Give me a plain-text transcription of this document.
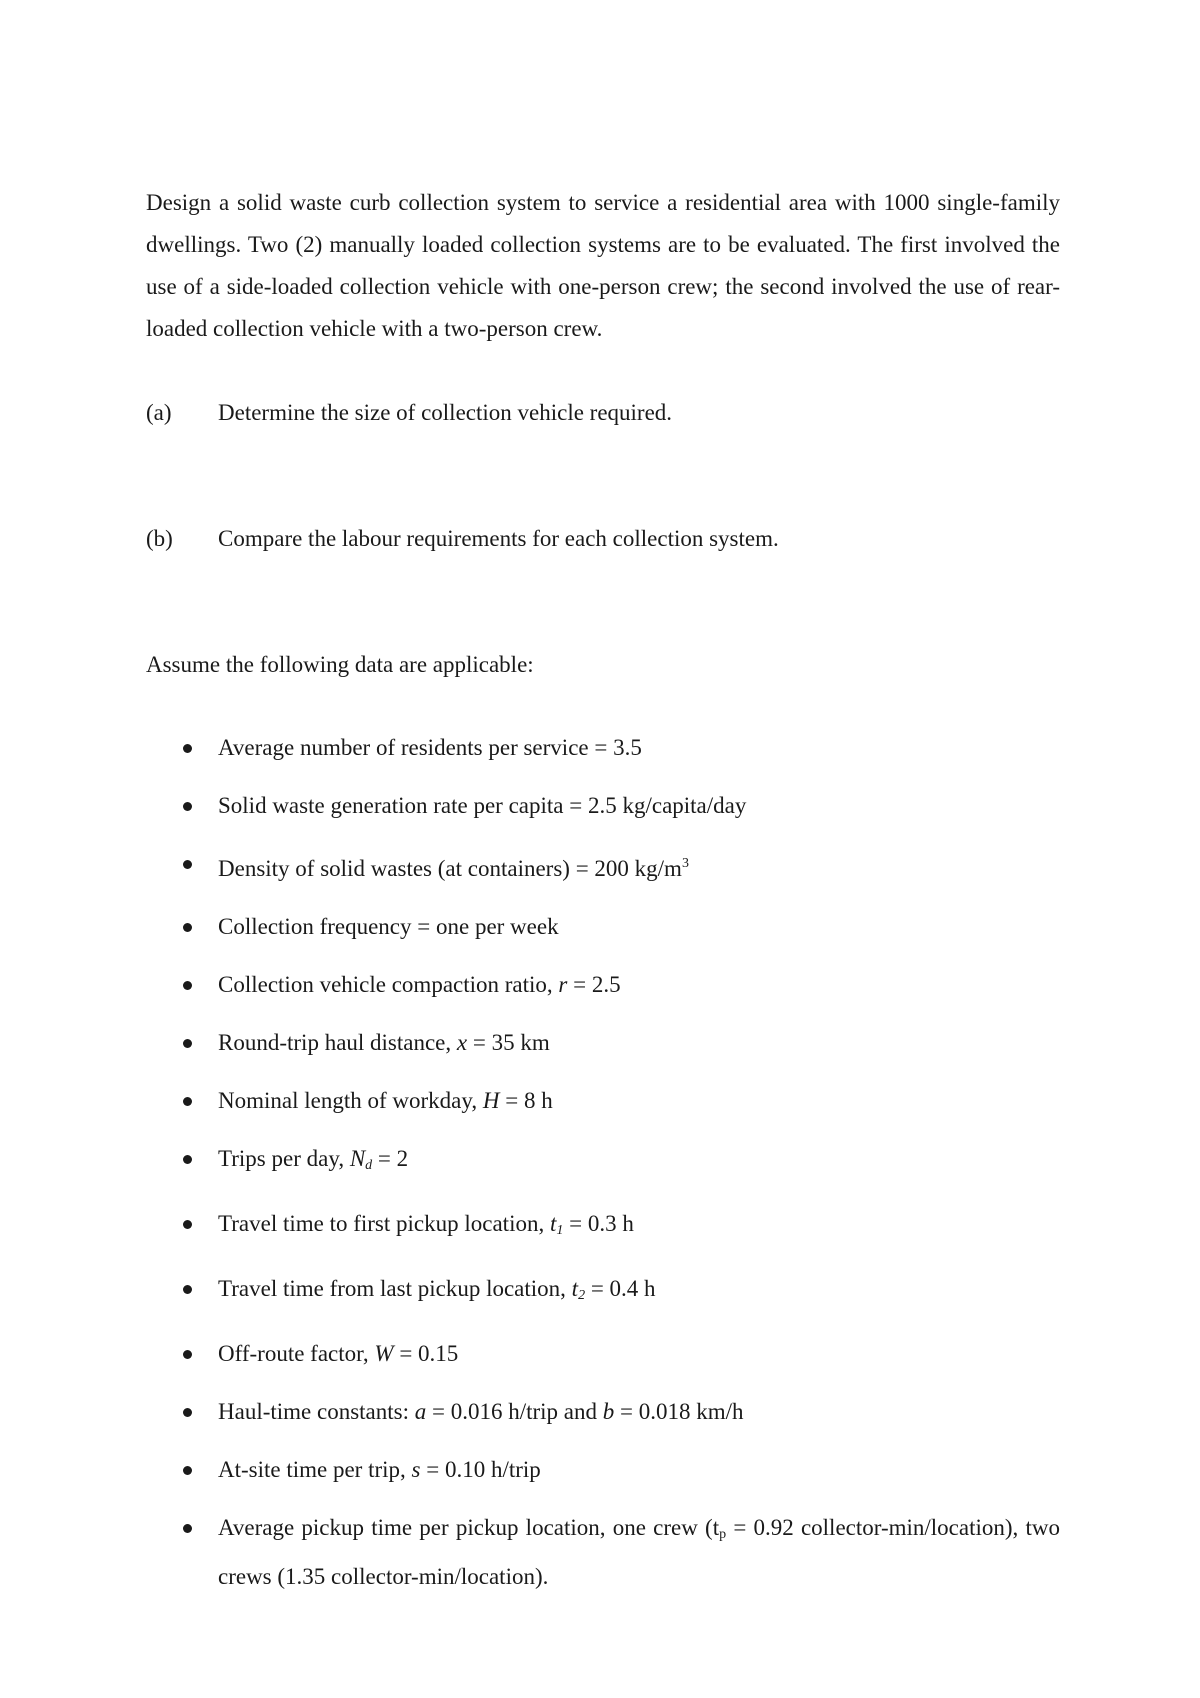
Design a solid waste curb collection system to service a residential area with 1000 single-family dwellings. Two (2) manually loaded collection systems are to be evaluated. The first involved the use of a side-loaded collection vehicle with one-person crew; the second involved the use of rear-loaded collection vehicle with a two-person crew.

(a) Determine the size of collection vehicle required.
(b) Compare the labour requirements for each collection system.

Assume the following data are applicable:

Average number of residents per service = 3.5
Solid waste generation rate per capita = 2.5 kg/capita/day
Density of solid wastes (at containers) = 200 $kg/m^3$
Collection frequency = one per week
Collection vehicle compaction ratio, r = 2.5
Round-trip haul distance, x = 35 km
Nominal length of workday, H = 8 h
Trips per day, $N_d = 2$
Travel time to first pickup location, $t_1 = 0.3$ h
Travel time from last pickup location, $t_2 = 0.4$ h
Off-route factor, W = 0.15
Haul-time constants: a = 0.016 h/trip and b = 0.018 km/h
At-site time per trip, s = 0.10 h/trip
Average pickup time per pickup location, one crew ($t_p = 0.92$ collector-min/location), two crews (1.35 collector-min/location).
